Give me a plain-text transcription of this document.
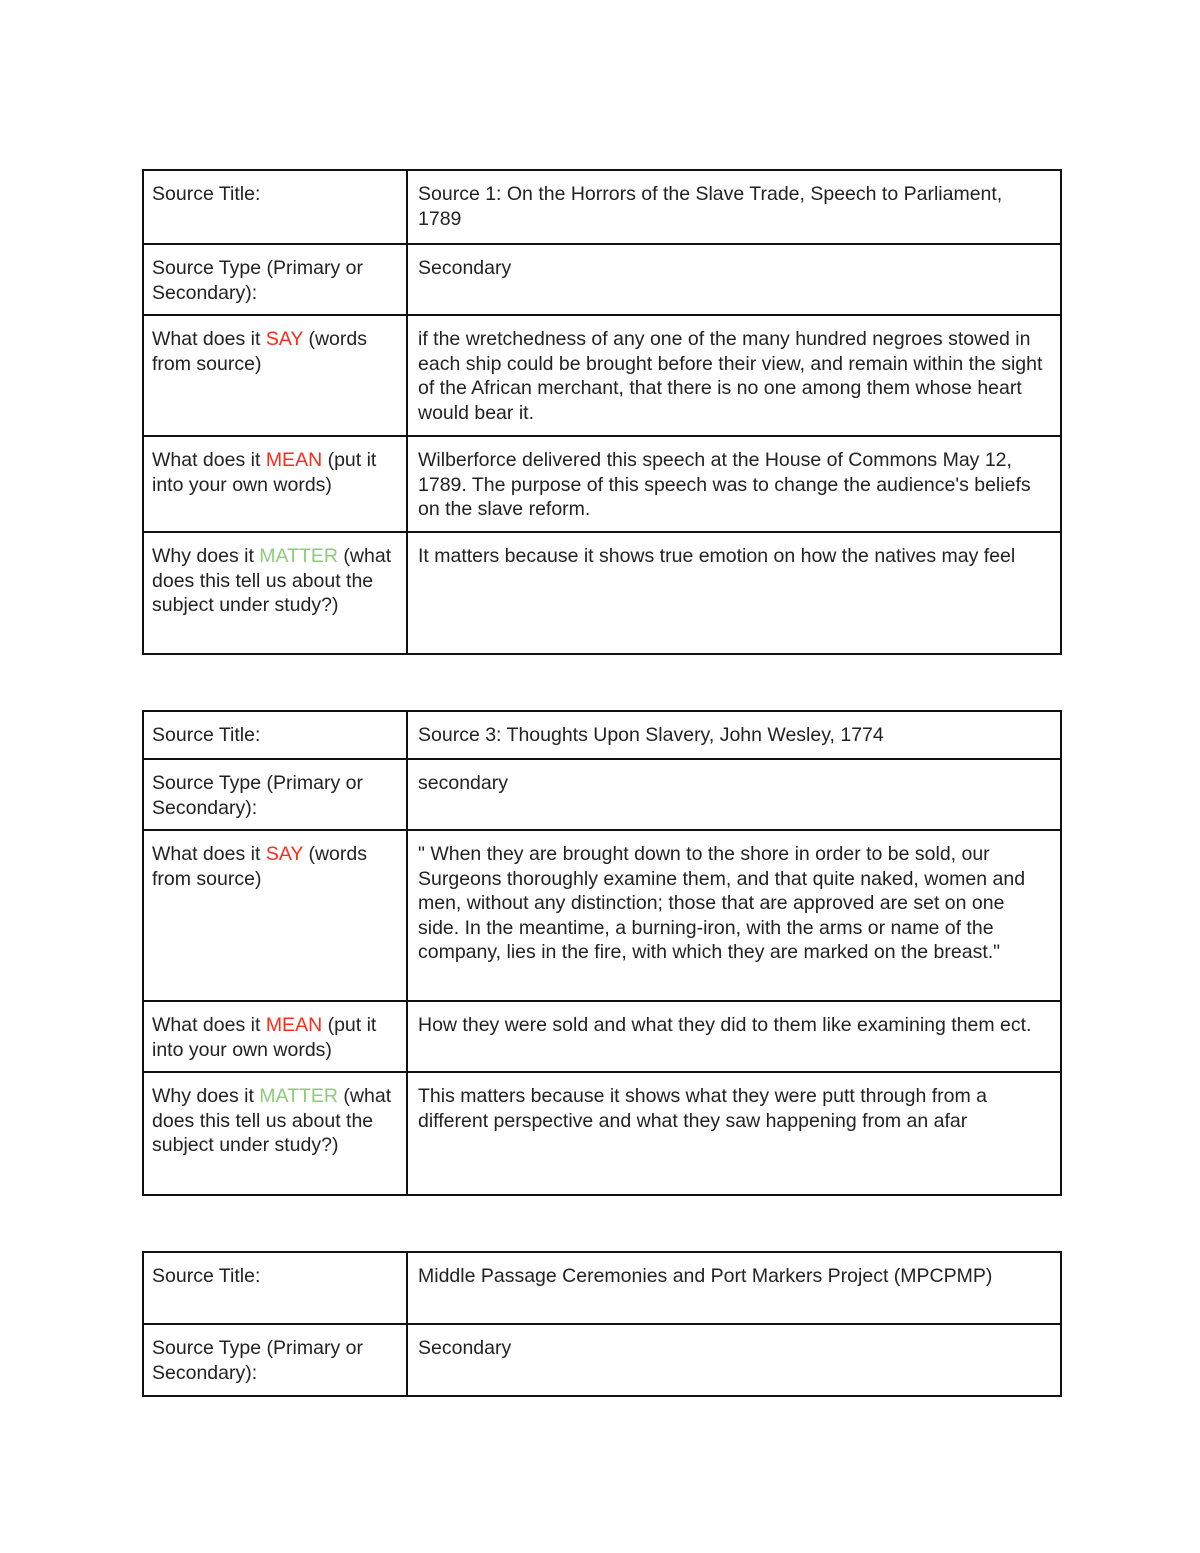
Source Title:	Source 1: On the Horrors of the Slave Trade, Speech to Parliament, 1789
Source Type (Primary or Secondary):	Secondary
What does it SAY (words from source)	if the wretchedness of any one of the many hundred negroes stowed in each ship could be brought before their view, and remain within the sight of the African merchant, that there is no one among them whose heart would bear it.
What does it MEAN (put it into your own words)	Wilberforce delivered this speech at the House of Commons May 12, 1789. The purpose of this speech was to change the audience's beliefs on the slave reform.
Why does it MATTER (what does this tell us about the subject under study?)	It matters because it shows true emotion on how the natives may feel
Source Title:	Source 3: Thoughts Upon Slavery, John Wesley, 1774
Source Type (Primary or Secondary):	secondary
What does it SAY (words from source)	" When they are brought down to the shore in order to be sold, our Surgeons thoroughly examine them, and that quite naked, women and men, without any distinction; those that are approved are set on one side. In the meantime, a burning-iron, with the arms or name of the company, lies in the fire, with which they are marked on the breast."
What does it MEAN (put it into your own words)	How they were sold and what they did to them like examining them ect.
Why does it MATTER (what does this tell us about the subject under study?)	This matters because it shows what they were putt through from a different perspective and what they saw happening from an afar
Source Title:	Middle Passage Ceremonies and Port Markers Project (MPCPMP)
Source Type (Primary or Secondary):	Secondary
